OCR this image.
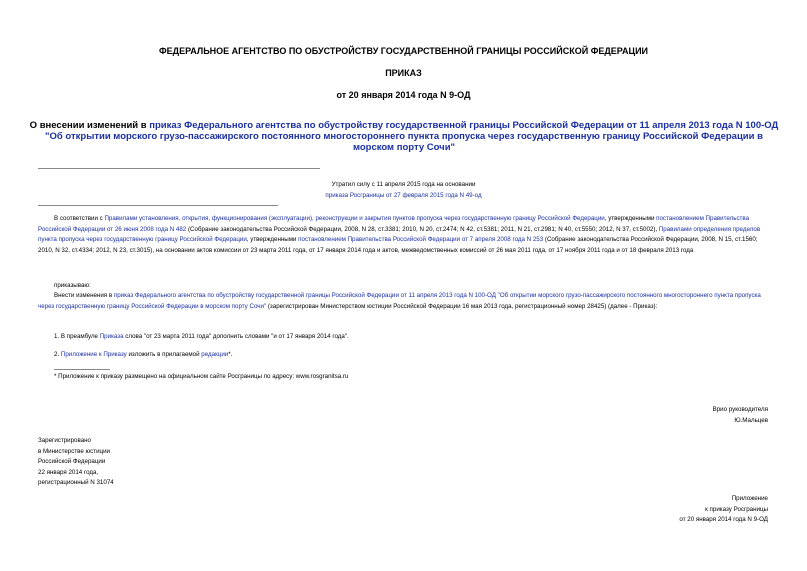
ФЕДЕРАЛЬНОЕ АГЕНТСТВО ПО ОБУСТРОЙСТВУ ГОСУДАРСТВЕННОЙ ГРАНИЦЫ РОССИЙСКОЙ ФЕДЕРАЦИИ
ПРИКАЗ
от 20 января 2014 года N 9-ОД
О внесении изменений в приказ Федерального агентства по обустройству государственной границы Российской Федерации от 11 апреля 2013 года N 100-ОД "Об открытии морского грузо-пассажирского постоянного многостороннего пункта пропуска через государственную границу Российской Федерации в морском порту Сочи"
Утратил силу с 11 апреля 2015 года на основании
приказа Росграницы от 27 февраля 2015 года N 49-од
В соответствии с Правилами установления, открытия, функционирования (эксплуатации), реконструкции и закрытия пунктов пропуска через государственную границу Российской Федерации, утвержденными постановлением Правительства Российской Федерации от 26 июня 2008 года N 482 (Собрание законодательства Российской Федерации, 2008, N 28, ст.3381; 2010, N 20, ст.2474; N 42, ст.5381; 2011, N 21, ст.2981; N 40, ст.5550; 2012, N 37, ст.5002), Правилами определения пределов пункта пропуска через государственную границу Российской Федерации, утвержденными постановлением Правительства Российской Федерации от 7 апреля 2008 года N 253 (Собрание законодательства Российской Федерации, 2008, N 15, ст.1560; 2010, N 32, ст.4334; 2012, N 23, ст.3015), на основании актов комиссии от 23 марта 2011 года, от 17 января 2014 года и актов, межведомственных комиссий от 26 мая 2011 года, от 17 ноября 2011 года и от 18 февраля 2013 года
приказываю:
Внести изменения в приказ Федерального агентства по обустройству государственной границы Российской Федерации от 11 апреля 2013 года N 100-ОД "Об открытии морского грузо-пассажирского постоянного многостороннего пункта пропуска через государственную границу Российской Федерации в морском порту Сочи" (зарегистрирован Министерством юстиции Российской Федерации 16 мая 2013 года, регистрационный номер 28425) (далее - Приказ):
1. В преамбуле Приказа слова "от 23 марта 2011 года" дополнить словами "и от 17 января 2014 года".
2. Приложение к Приказу изложить в прилагаемой редакции*.
* Приложение к приказу размещено на официальном сайте Росграницы по адресу: www.rosgranitsa.ru
Врио руководителя
Ю.Мальцев
Зарегистрировано
в Министерстве юстиции
Российской Федерации
22 января 2014 года,
регистрационный N 31074
Приложение
к приказу Росграницы
от 20 января 2014 года N 9-ОД
